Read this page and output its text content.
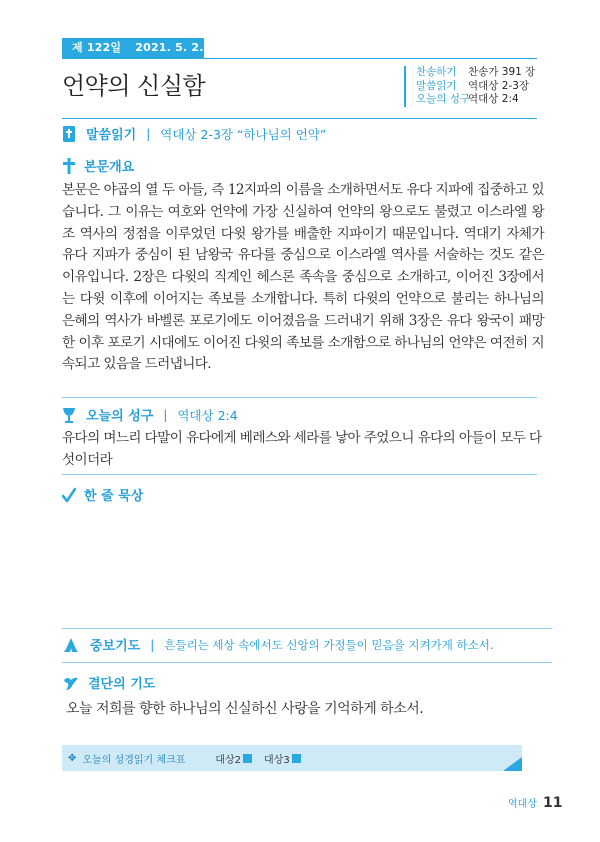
제 122일 2021. 5. 2. 주
언약의 신실함	찬송하기 찬송가 391 장
말씀읽기 역대상 2-3장
오늘의 성구역대상 2:4
말씀읽기 | 역대상 2-3장 “하나님의 언약”
본문개요
본문은 야곱의 열 두 아들, 즉 12지파의 이름을 소개하면서도 유다 지파에 집중하고 있습니다. 그 이유는 여호와 언약에 가장 신실하여 언약의 왕으로도 불렸고 이스라엘 왕조 역사의 정점을 이루었던 다윗 왕가를 배출한 지파이기 때문입니다. 역대기 자체가 유다 지파가 중심이 된 남왕국 유다를 중심으로 이스라엘 역사를 서술하는 것도 같은 이유입니다. 2장은 다윗의 직계인 헤스론 족속을 중심으로 소개하고, 이어진 3장에서는 다윗 이후에 이어지는 족보를 소개합니다. 특히 다윗의 언약으로 불리는 하나님의 은혜의 역사가 바벨론 포로기에도 이어졌음을 드러내기 위해 3장은 유다 왕국이 패망한 이후 포로기 시대에도 이어진 다윗의 족보를 소개함으로 하나님의 언약은 여전히 지속되고 있음을 드러냅니다.
오늘의 성구 | 역대상 2:4
유다의 며느리 다말이 유다에게 베레스와 세라를 낳아 주었으니 유다의 아들이 모두 다섯이더라
한 줄 묵상
중보기도 | 흔들리는 세상 속에서도 신앙의 가정들이 믿음을 지켜가게 하소서.
결단의 기도
오늘 저희를 향한 하나님의 신실하신 사랑을 기억하게 하소서.
✥ 오늘의 성경읽기 체크표	대상2 대상3
역대상 11
